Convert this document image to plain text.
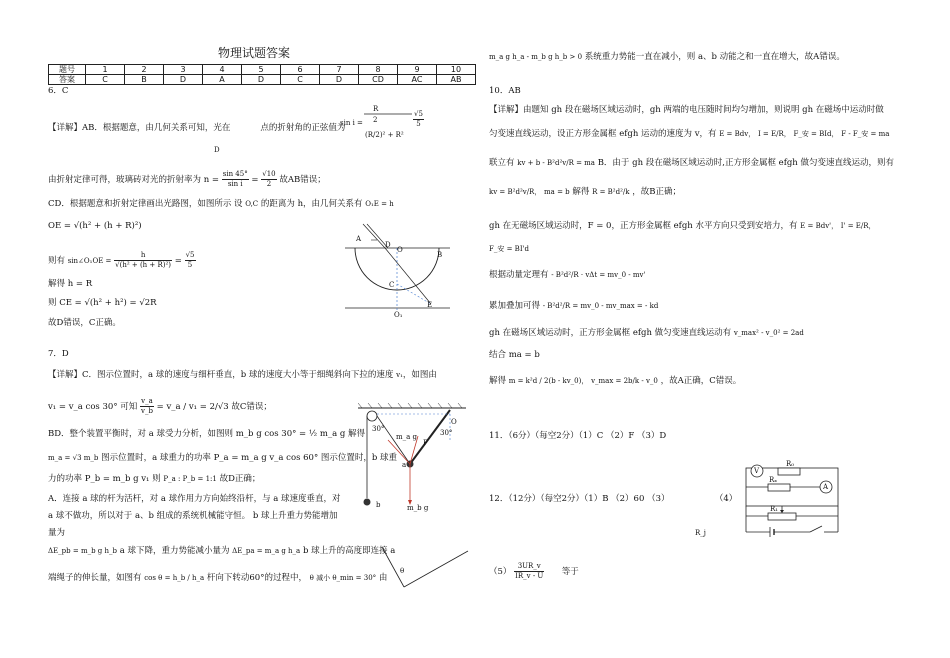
物理试题答案
题号	1	2	3	4	5	6	7	8	9	10
答案	C	B	D	A	D	C	D	CD	AC	AB
6．C
【详解】AB．根据题意，由几何关系可知，光在	点的折射角的正弦值为
sin i =
R
2
(R/2)² + R²
$\frac{√5}{5}$
D
由折射定律可得，玻璃砖对光的折射率为 $n = \frac{\sin 45^\circ}{\text{sin i}} = \frac{√10}{2}$ 故AB错误；
CD．根据题意和折射定律画出光路图，如图所示 设 O,C 的距离为 h，由几何关系有 O₁E = h
OE = √(h² + (h + R)²)
则有 sin∠O₁OE = $\frac{h}{\text{√(h² + (h + R)²)}} = \frac{√5}{5}$
解得 h = R
则 CE = √(h² + h²) = √2R
故D错误，C正确。
A
D
O
B
C
E
O₁
7．D
【详解】C．图示位置时，a 球的速度与细杆垂直，b 球的速度大小等于细绳斜向下拉的速度 v₁，如图由
v₁ = v_a cos 30° 可知 $\frac{v\_a}{v\_b}$ = v_a / v₁ = 2/√3 故C错误；
BD．整个装置平衡时，对 a 球受力分析，如图则 m_b g cos 30° = ½ m_a g 解得
m_a = √3 m_b 图示位置时，a 球重力的功率 P_a = m_a g v_a cos 60° 图示位置时，b 球重
力的功率 P_b = m_b g v₁ 则 P_a : P_b = 1:1 故D正确；
A．连接 a 球的杆为活杆，对 a 球作用力方向始终沿杆，与 a 球速度垂直，对
a 球不做功，所以对于 a、b 组成的系统机械能守恒。 b 球上升重力势能增加
量为
ΔE_pb = m_b g h_b a 球下降，重力势能减小量为 ΔE_pa = m_a g h_a b 球上升的高度即连接 a
端绳子的伸长量，如图有 cos θ = h_b / h_a 杆向下转动60°的过程中， θ 减小 θ_min = 30° 由
30°
O
30°
m_a g
F
a
m_b g
b
θ
m_a g h_a - m_b g h_b > 0 系统重力势能一直在减小，则 a、b 动能之和一直在增大，故A错误。
10．AB
【详解】由题知 gh 段在磁场区域运动时，gh 两端的电压随时间均匀增加，则说明 gh 在磁场中运动时做
匀变速直线运动，设正方形金属框 efgh 运动的速度为 v，有 E = Bdv， I = E/R， F_安 = BId， F - F_安 = ma
联立有 kv + b - B²d²v/R = ma B．由于 gh 段在磁场区域运动时,正方形金属框 efgh 做匀变速直线运动，则有
kv = B²d²v/R， ma = b 解得 R = B²d²/k ，故B正确；
gh 在无磁场区域运动时，F = 0，正方形金属框 efgh 水平方向只受到安培力，有 E = Bdv'， I' = E/R，
F_安 = BI'd
根据动量定理有 - B²d²/R · vΔt = mv_0 - mv'
累加叠加可得 - B²d²/R = mv_0 - mv_max = - kd
gh 在磁场区域运动时，正方形金属框 efgh 做匀变速直线运动有 v_max² - v_0² = 2ad
结合 ma = b
解得 m = k²d / 2(b - kv_0)， v_max = 2b/k - v_0 ，故A正确，C错误。
11．（6分）（每空2分）（1）C （2）F （3）D
12．（12分）（每空2分）（1）B （2）60 （3）	（4）
R_j
V
R₀
Rₓ
A
R₁
$(5) \frac{3UR\_v}{IR\_v - U}$ 等于
